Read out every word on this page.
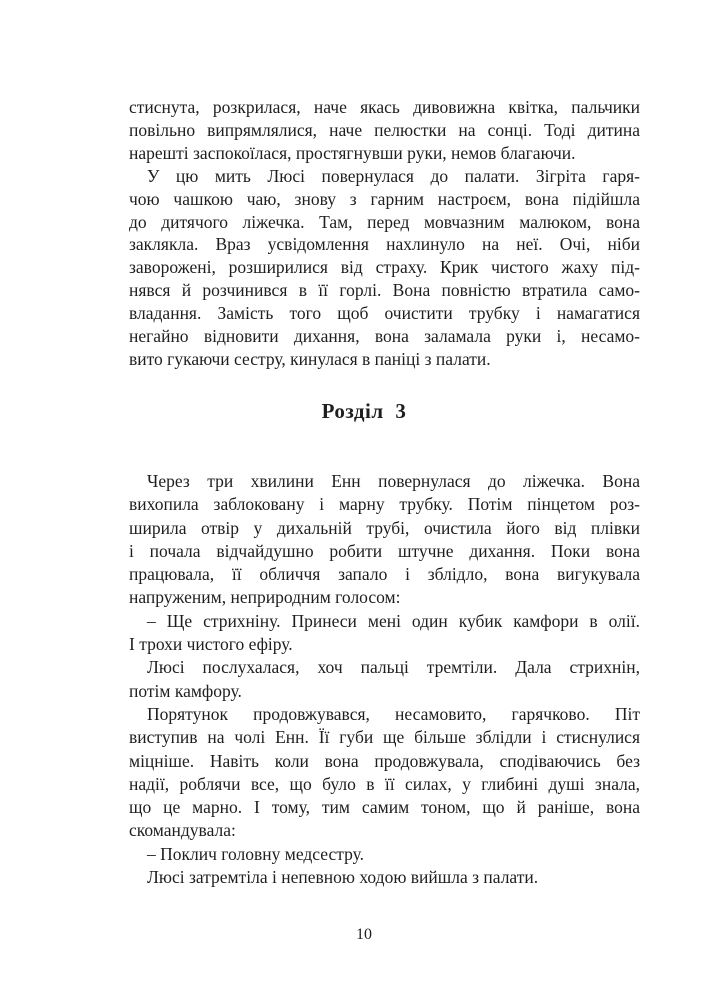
стиснута, розкрилася, наче якась дивовижна квітка, пальчики
повільно випрямлялися, наче пелюстки на сонці. Тоді дитина
нарешті заспокоїлася, простягнувши руки, немов благаючи.
У цю мить Люсі повернулася до палати. Зігріта гаря-
чою чашкою чаю, знову з гарним настроєм, вона підійшла
до дитячого ліжечка. Там, перед мовчазним малюком, вона
заклякла. Враз усвідомлення нахлинуло на неї. Очі, ніби
заворожені, розширилися від страху. Крик чистого жаху під-
нявся й розчинився в її горлі. Вона повністю втратила само-
владання. Замість того щоб очистити трубку і намагатися
негайно відновити дихання, вона заламала руки і, несамо-
вито гукаючи сестру, кинулася в паніці з палати.
Розділ 3
Через три хвилини Енн повернулася до ліжечка. Вона
вихопила заблоковану і марну трубку. Потім пінцетом роз-
ширила отвір у дихальній трубі, очистила його від плівки
і почала відчайдушно робити штучне дихання. Поки вона
працювала, її обличчя запало і зблідло, вона вигукувала
напруженим, неприродним голосом:
– Ще стрихніну. Принеси мені один кубик камфори в олії.
І трохи чистого ефіру.
Люсі послухалася, хоч пальці тремтіли. Дала стрихнін,
потім камфору.
Порятунок продовжувався, несамовито, гарячково. Піт
виступив на чолі Енн. Її губи ще більше зблідли і стиснулися
міцніше. Навіть коли вона продовжувала, сподіваючись без
надії, роблячи все, що було в її силах, у глибині душі знала,
що це марно. І тому, тим самим тоном, що й раніше, вона
скомандувала:
– Поклич головну медсестру.
Люсі затремтіла і непевною ходою вийшла з палати.
10
